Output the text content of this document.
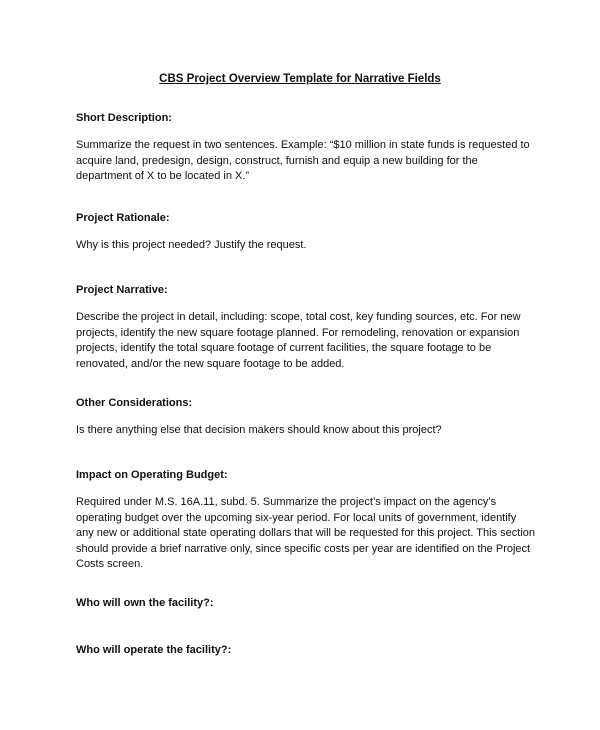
CBS Project Overview Template for Narrative Fields
Short Description:
Summarize the request in two sentences. Example: “$10 million in state funds is requested to acquire land, predesign, design, construct, furnish and equip a new building for the department of X to be located in X.”
Project Rationale:
Why is this project needed? Justify the request.
Project Narrative:
Describe the project in detail, including: scope, total cost, key funding sources, etc. For new projects, identify the new square footage planned. For remodeling, renovation or expansion projects, identify the total square footage of current facilities, the square footage to be renovated, and/or the new square footage to be added.
Other Considerations:
Is there anything else that decision makers should know about this project?
Impact on Operating Budget:
Required under M.S. 16A.11, subd. 5. Summarize the project’s impact on the agency’s operating budget over the upcoming six-year period. For local units of government, identify any new or additional state operating dollars that will be requested for this project. This section should provide a brief narrative only, since specific costs per year are identified on the Project Costs screen.
Who will own the facility?:
Who will operate the facility?:
